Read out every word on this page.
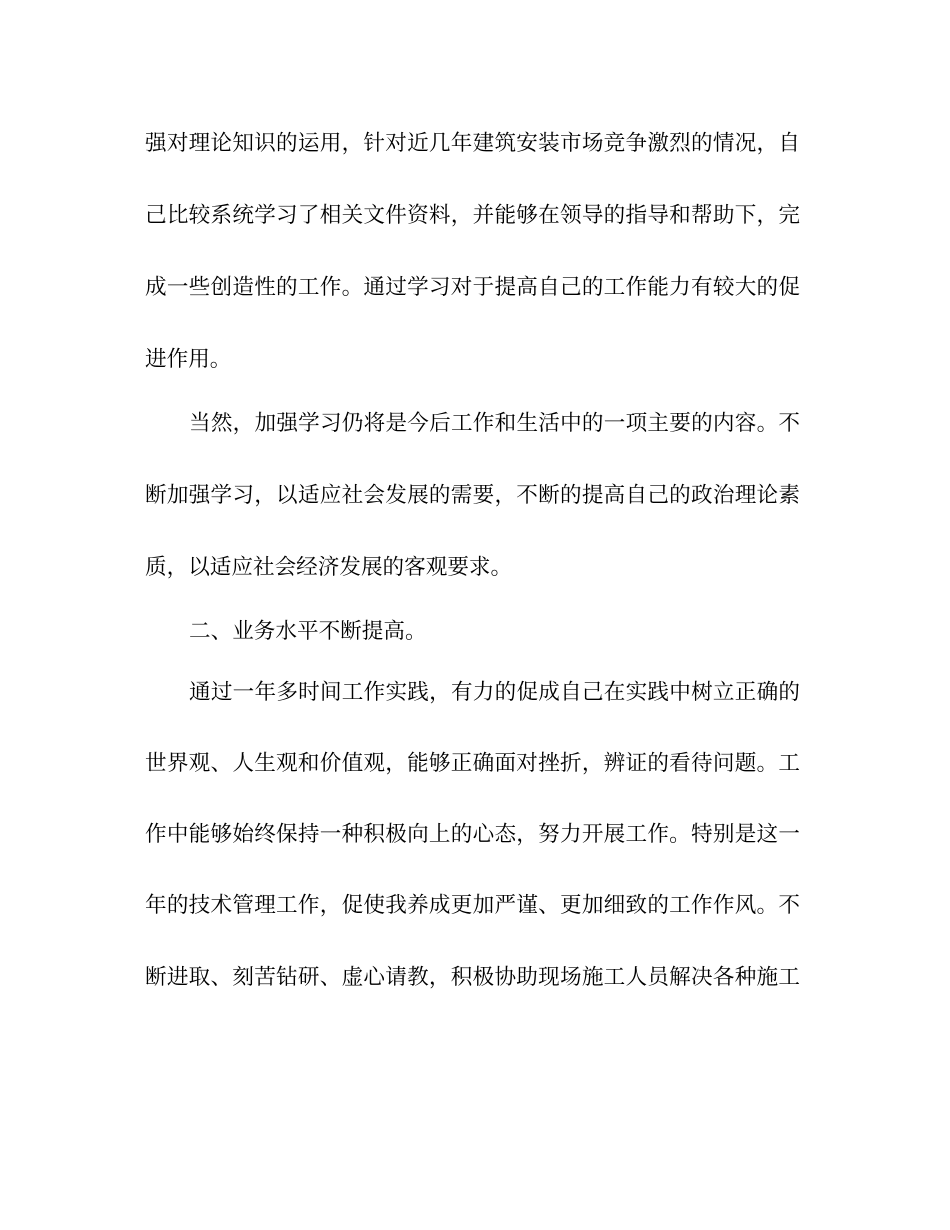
强对理论知识的运用，针对近几年建筑安装市场竞争激烈的情况，自
己比较系统学习了相关文件资料，并能够在领导的指导和帮助下，完
成一些创造性的工作。通过学习对于提高自己的工作能力有较大的促
进作用。
当然，加强学习仍将是今后工作和生活中的一项主要的内容。不
断加强学习，以适应社会发展的需要，不断的提高自己的政治理论素
质，以适应社会经济发展的客观要求。
二、业务水平不断提高。
通过一年多时间工作实践，有力的促成自己在实践中树立正确的
世界观、人生观和价值观，能够正确面对挫折，辨证的看待问题。工
作中能够始终保持一种积极向上的心态，努力开展工作。特别是这一
年的技术管理工作，促使我养成更加严谨、更加细致的工作作风。不
断进取、刻苦钻研、虚心请教，积极协助现场施工人员解决各种施工
